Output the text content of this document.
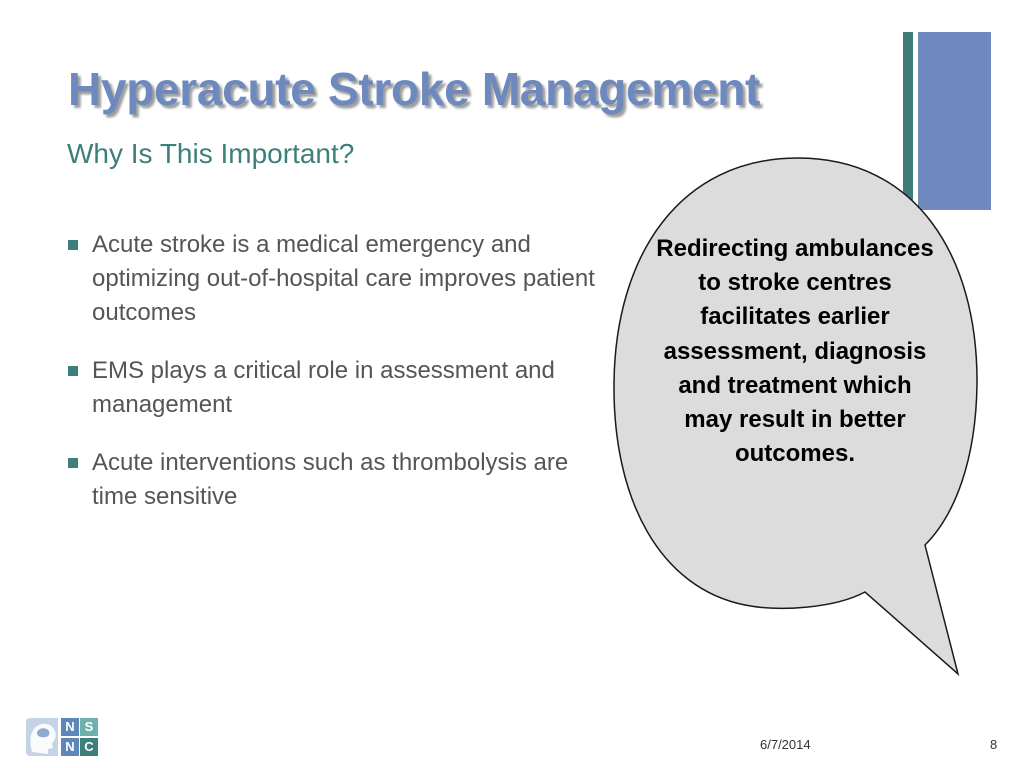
Hyperacute Stroke Management
Why Is This Important?
Acute stroke is a medical emergency and optimizing out-of-hospital care improves patient outcomes
EMS plays a critical role in assessment and management
Acute interventions such as thrombolysis are time sensitive

Redirecting ambulances to stroke centres facilitates earlier assessment, diagnosis and treatment which may result in better outcomes.

N S
N C	6/7/2014	8
